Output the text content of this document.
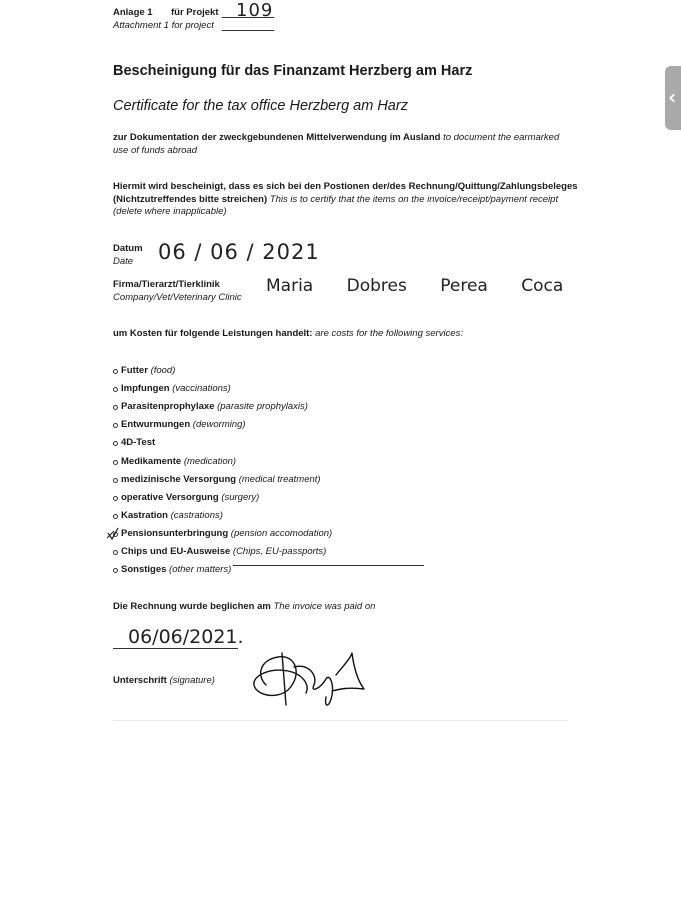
Anlage 1 für Projekt 109
Attachment 1 for project
Bescheinigung für das Finanzamt Herzberg am Harz
Certificate for the tax office Herzberg am Harz
zur Dokumentation der zweckgebundenen Mittelverwendung im Ausland to document the earmarked use of funds abroad
Hiermit wird bescheinigt, dass es sich bei den Postionen der/des Rechnung/Quittung/Zahlungsbeleges (Nichtzutreffendes bitte streichen) This is to certify that the items on the invoice/receipt/payment receipt (delete where inapplicable)
Datum
Date 06 / 06 / 2021
Firma/Tierarzt/Tierklinik
Company/Vet/Veterinary Clinic
Maria Dobres Perea Coca
um Kosten für folgende Leistungen handelt: are costs for the following services:
Futter (food)
Impfungen (vaccinations)
Parasitenprophylaxe (parasite prophylaxis)
Entwurmungen (deworming)
4D-Test
Medikamente (medication)
medizinische Versorgung (medical treatment)
operative Versorgung (surgery)
Kastration (castrations)
Pensionsunterbringung (pension accomodation)
Chips und EU-Ausweise (Chips, EU-passports)
Sonstiges (other matters)
Die Rechnung wurde beglichen am The invoice was paid on
06/06/2021.
Unterschrift (signature)
‹
